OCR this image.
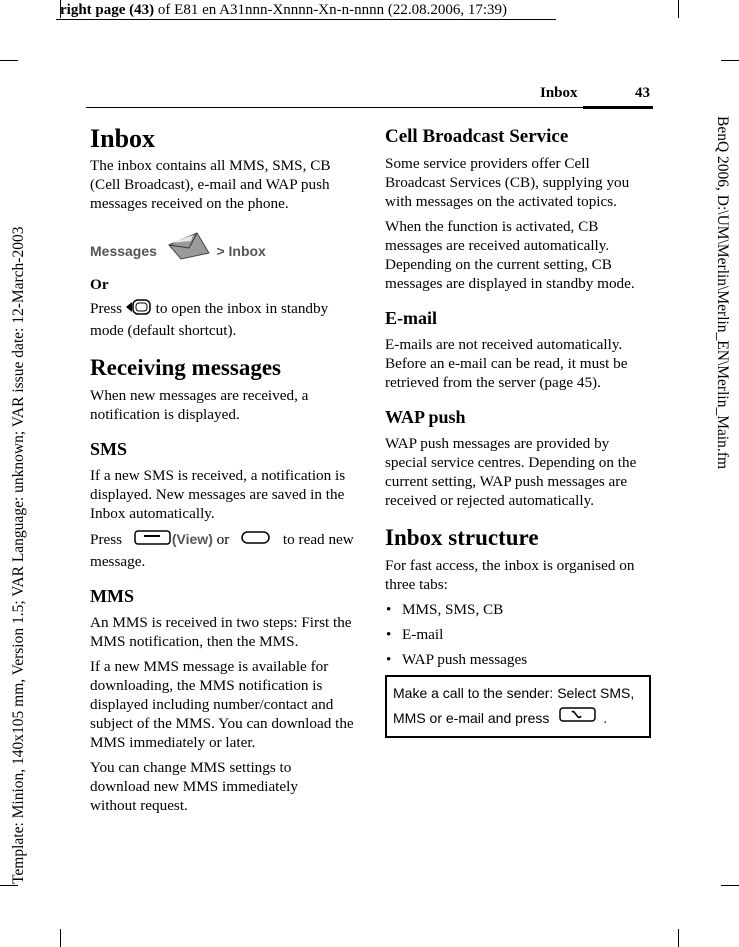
right page (43) of E81 en A31nnn-Xnnnn-Xn-n-nnnn (22.08.2006, 17:39)
Template: Minion, 140x105 mm, Version 1.5; VAR Language: unknown; VAR issue date: 12-March-2003	BenQ 2006, D:\UM\Merlin\Merlin_EN\Merlin_Main.fm
Inbox	43
Inbox

The inbox contains all MMS, SMS, CB (Cell Broadcast), e-mail and WAP push messages received on the phone.

Messages	> Inbox

Or

Press to open the inbox in standby mode (default shortcut).

Receiving messages

When new messages are received, a notification is displayed.

SMS

If a new SMS is received, a notification is displayed. New messages are saved in the Inbox automatically.

Press	(View) or	to read new message.

MMS

An MMS is received in two steps: First the MMS notification, then the MMS.

If a new MMS message is available for downloading, the MMS notification is displayed including number/contact and subject of the MMS. You can download the MMS immediately or later.

You can change MMS settings to download new MMS immediately without request.

Cell Broadcast Service

Some service providers offer Cell Broadcast Services (CB), supplying you with messages on the activated topics.

When the function is activated, CB messages are received automatically. Depending on the current setting, CB messages are displayed in standby mode.

E-mail

E-mails are not received automatically. Before an e-mail can be read, it must be retrieved from the server (page 45).

WAP push

WAP push messages are provided by special service centres. Depending on the current setting, WAP push messages are received or rejected automatically.

Inbox structure

For fast access, the inbox is organised on three tabs:

• MMS, SMS, CB
• E-mail
• WAP push messages
Make a call to the sender: Select SMS, MMS or e-mail and press	.
